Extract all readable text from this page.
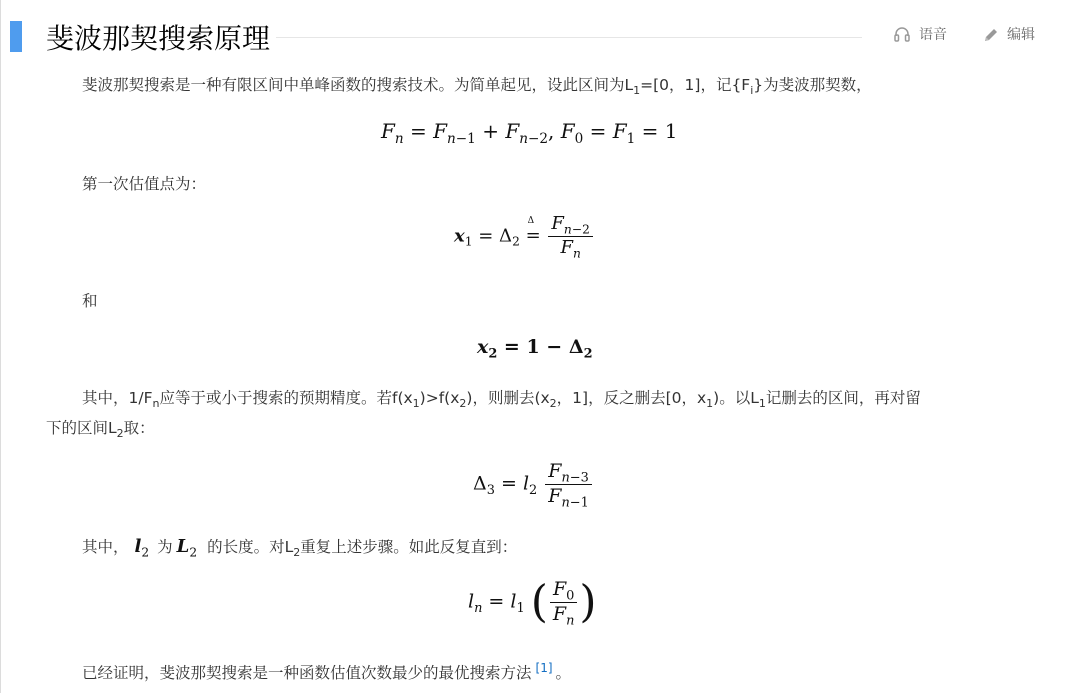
斐波那契搜索原理	语音	编辑
斐波那契搜索是一种有限区间中单峰函数的搜索技术。为简单起见，设此区间为$L_1=[0$，1]，记$\{F_i\}$为斐波那契数，
$F_n = F_{n-1} + F_{n-2}$, $F_0 = F_1 = 1$
第一次估值点为：
$x_1 = \Delta_2$ =
Δ
$\frac{F_{n-2}}{F_n}$
和
$x_2 = 1 - \Delta_2$
其中，$1/F_n$应等于或小于搜索的预期精度。若$f(x_1)>f(x_2)$，则删去($x_2$，1]，反之删去[0，$x_1$)。以$L_1$记删去的区间，再对留
下的区间$L_2$取：
$\Delta_3 = l_2 \frac{F_{n-3}}{F_{n-1}}$
其中， $l_2$ 为 $L_2$ 的长度。对$L_2$重复上述步骤。如此反复直到：
$l_n = l_1$ ( $\frac{F_0}{F_n}$ )
已经证明，斐波那契搜索是一种函数估值次数最少的最优搜索方法 [1] 。
